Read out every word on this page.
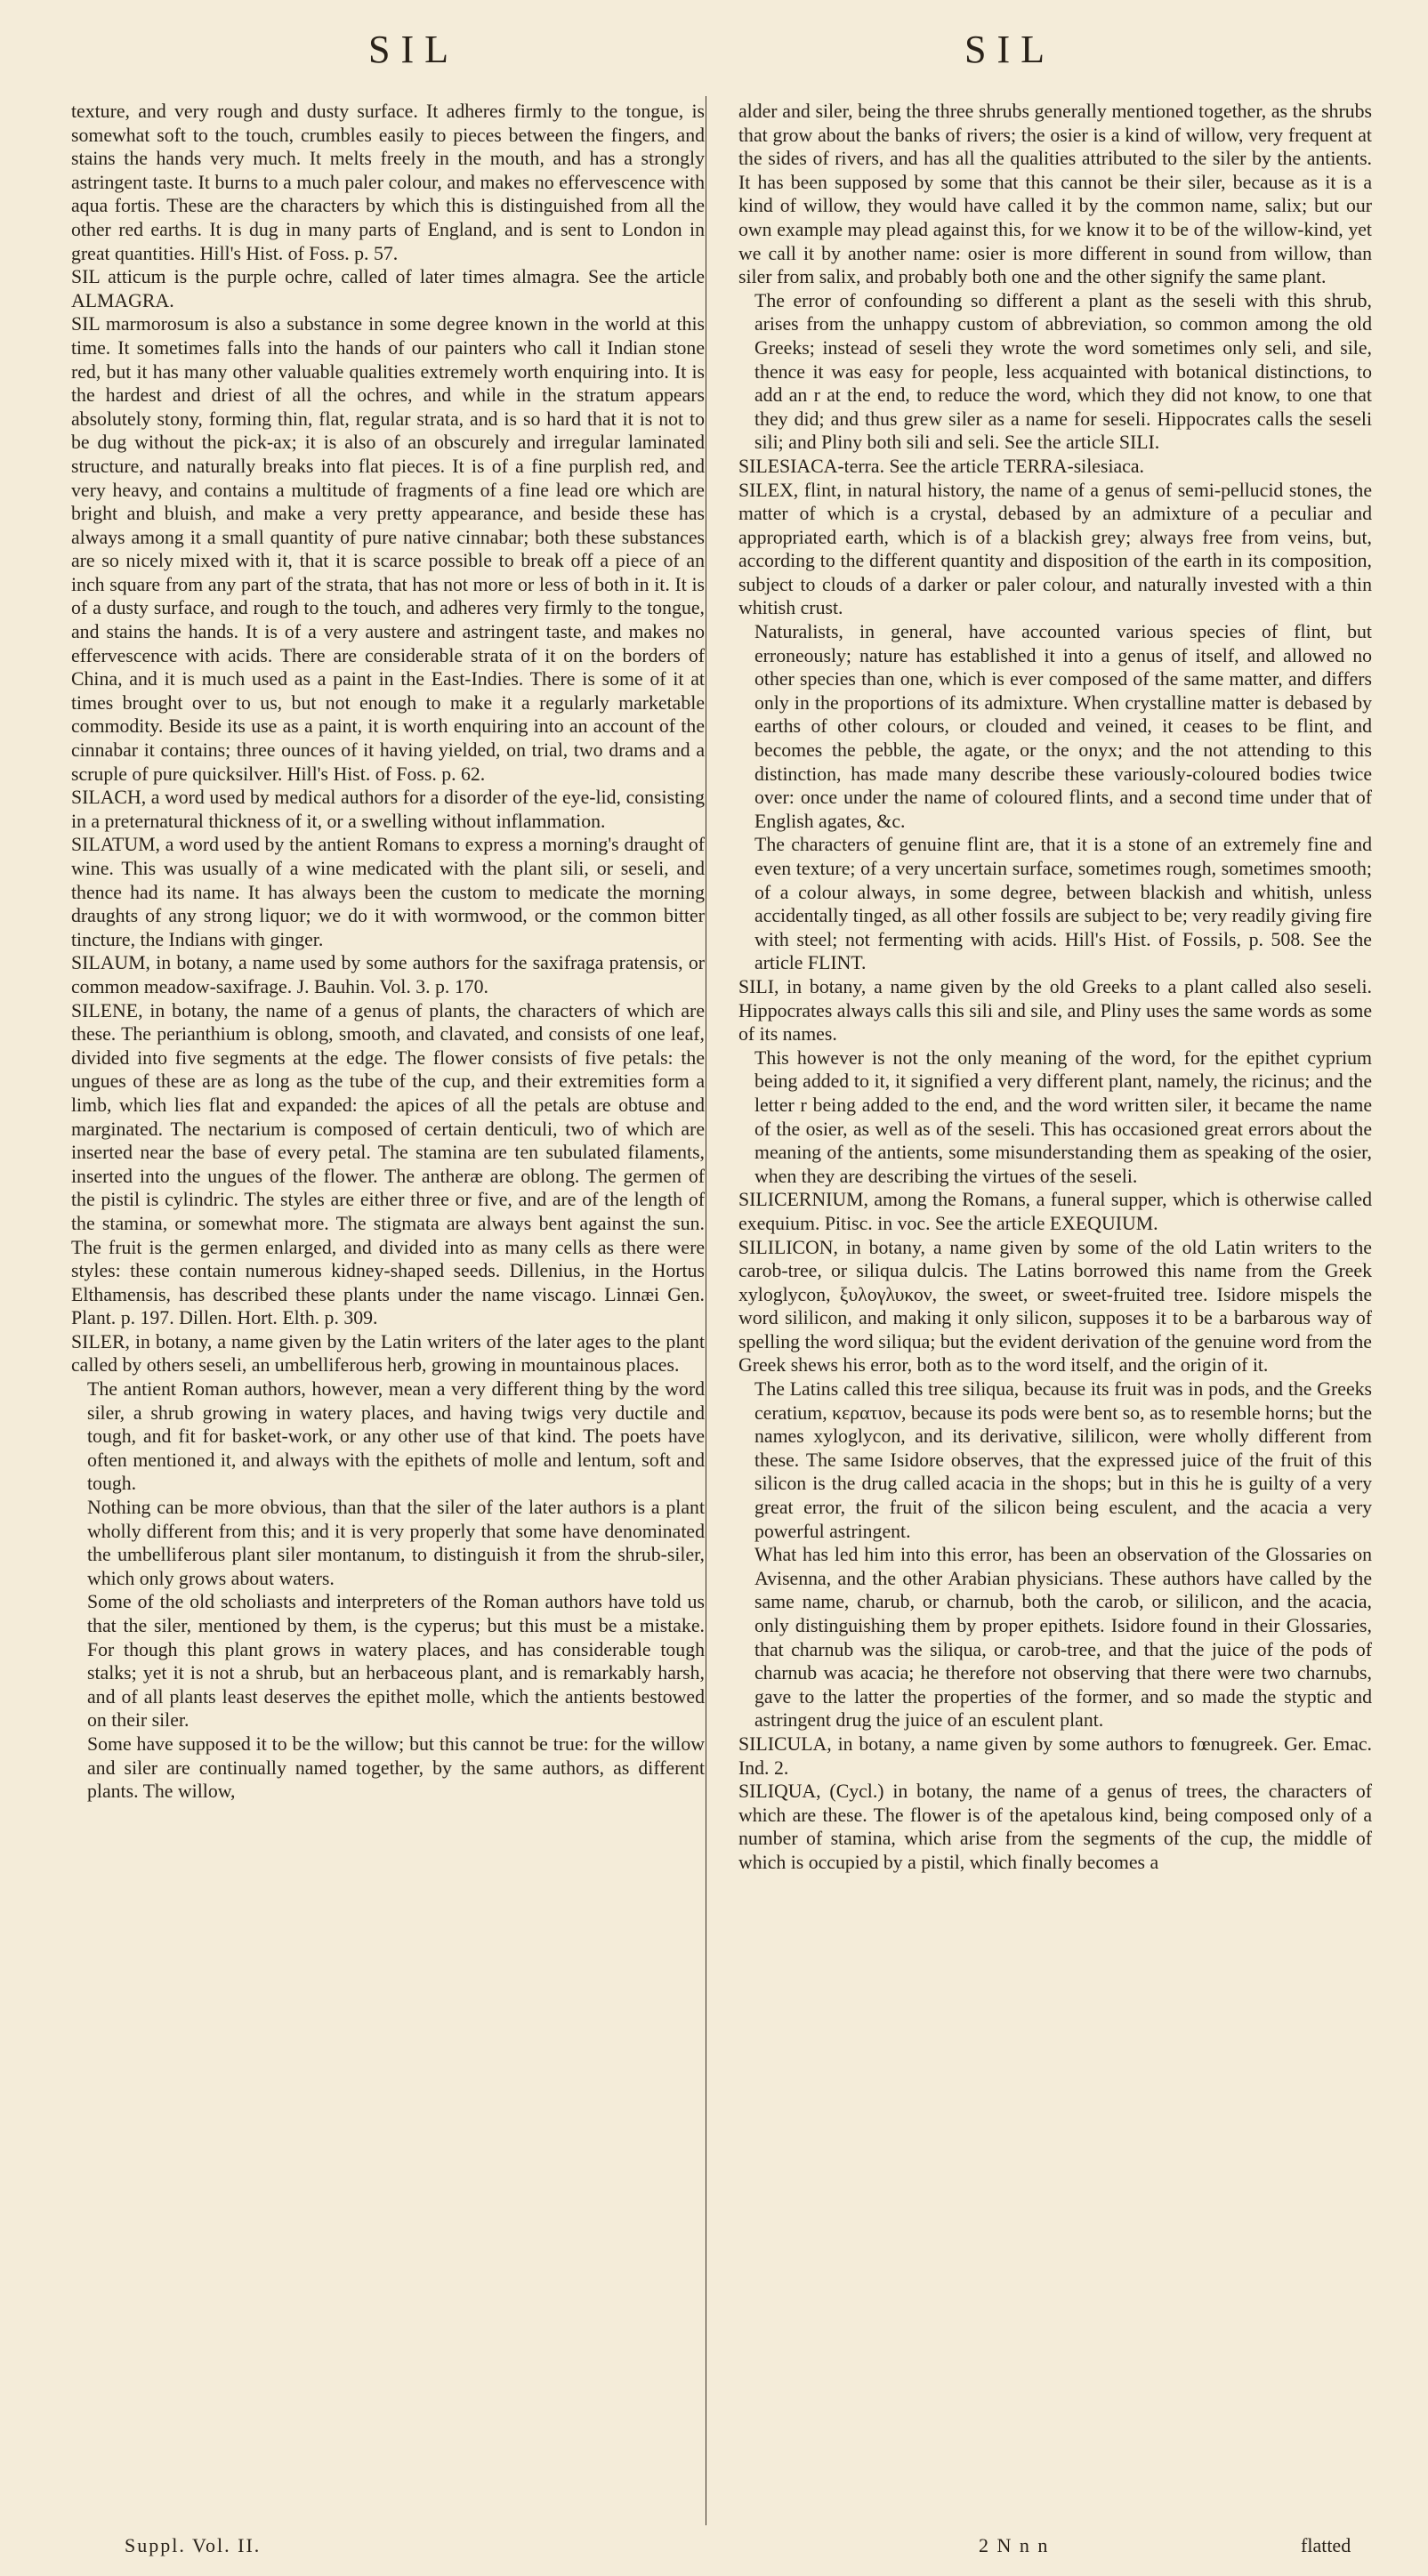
SIL	SIL

texture, and very rough and dusty surface. It adheres firmly to the tongue, is somewhat soft to the touch, crumbles easily to pieces between the fingers, and stains the hands very much. It melts freely in the mouth, and has a strongly astringent taste. It burns to a much paler colour, and makes no effervescence with aqua fortis. These are the characters by which this is distinguished from all the other red earths. It is dug in many parts of England, and is sent to London in great quantities. Hill's Hist. of Foss. p. 57.

SIL atticum is the purple ochre, called of later times almagra. See the article ALMAGRA.

SIL marmorosum is also a substance in some degree known in the world at this time. It sometimes falls into the hands of our painters who call it Indian stone red, but it has many other valuable qualities extremely worth enquiring into. It is the hardest and driest of all the ochres, and while in the stratum appears absolutely stony, forming thin, flat, regular strata, and is so hard that it is not to be dug without the pick-ax; it is also of an obscurely and irregular laminated structure, and naturally breaks into flat pieces. It is of a fine purplish red, and very heavy, and contains a multitude of fragments of a fine lead ore which are bright and bluish, and make a very pretty appearance, and beside these has always among it a small quantity of pure native cinnabar; both these substances are so nicely mixed with it, that it is scarce possible to break off a piece of an inch square from any part of the strata, that has not more or less of both in it. It is of a dusty surface, and rough to the touch, and adheres very firmly to the tongue, and stains the hands. It is of a very austere and astringent taste, and makes no effervescence with acids. There are considerable strata of it on the borders of China, and it is much used as a paint in the East-Indies. There is some of it at times brought over to us, but not enough to make it a regularly marketable commodity. Beside its use as a paint, it is worth enquiring into an account of the cinnabar it contains; three ounces of it having yielded, on trial, two drams and a scruple of pure quicksilver. Hill's Hist. of Foss. p. 62.

SILACH, a word used by medical authors for a disorder of the eye-lid, consisting in a preternatural thickness of it, or a swelling without inflammation.

SILATUM, a word used by the antient Romans to express a morning's draught of wine. This was usually of a wine medicated with the plant sili, or seseli, and thence had its name. It has always been the custom to medicate the morning draughts of any strong liquor; we do it with wormwood, or the common bitter tincture, the Indians with ginger.

SILAUM, in botany, a name used by some authors for the saxifraga pratensis, or common meadow-saxifrage. J. Bauhin. Vol. 3. p. 170.

SILENE, in botany, the name of a genus of plants, the characters of which are these. The perianthium is oblong, smooth, and clavated, and consists of one leaf, divided into five segments at the edge. The flower consists of five petals: the ungues of these are as long as the tube of the cup, and their extremities form a limb, which lies flat and expanded: the apices of all the petals are obtuse and marginated. The nectarium is composed of certain denticuli, two of which are inserted near the base of every petal. The stamina are ten subulated filaments, inserted into the ungues of the flower. The antheræ are oblong. The germen of the pistil is cylindric. The styles are either three or five, and are of the length of the stamina, or somewhat more. The stigmata are always bent against the sun. The fruit is the germen enlarged, and divided into as many cells as there were styles: these contain numerous kidney-shaped seeds. Dillenius, in the Hortus Elthamensis, has described these plants under the name viscago. Linnæi Gen. Plant. p. 197. Dillen. Hort. Elth. p. 309.

SILER, in botany, a name given by the Latin writers of the later ages to the plant called by others seseli, an umbelliferous herb, growing in mountainous places.

The antient Roman authors, however, mean a very different thing by the word siler, a shrub growing in watery places, and having twigs very ductile and tough, and fit for basket-work, or any other use of that kind. The poets have often mentioned it, and always with the epithets of molle and lentum, soft and tough.

Nothing can be more obvious, than that the siler of the later authors is a plant wholly different from this; and it is very properly that some have denominated the umbelliferous plant siler montanum, to distinguish it from the shrub-siler, which only grows about waters.

Some of the old scholiasts and interpreters of the Roman authors have told us that the siler, mentioned by them, is the cyperus; but this must be a mistake. For though this plant grows in watery places, and has considerable tough stalks; yet it is not a shrub, but an herbaceous plant, and is remarkably harsh, and of all plants least deserves the epithet molle, which the antients bestowed on their siler.

Some have supposed it to be the willow; but this cannot be true: for the willow and siler are continually named together, by the same authors, as different plants. The willow,

alder and siler, being the three shrubs generally mentioned together, as the shrubs that grow about the banks of rivers; the osier is a kind of willow, very frequent at the sides of rivers, and has all the qualities attributed to the siler by the antients. It has been supposed by some that this cannot be their siler, because as it is a kind of willow, they would have called it by the common name, salix; but our own example may plead against this, for we know it to be of the willow-kind, yet we call it by another name: osier is more different in sound from willow, than siler from salix, and probably both one and the other signify the same plant.

The error of confounding so different a plant as the seseli with this shrub, arises from the unhappy custom of abbreviation, so common among the old Greeks; instead of seseli they wrote the word sometimes only seli, and sile, thence it was easy for people, less acquainted with botanical distinctions, to add an r at the end, to reduce the word, which they did not know, to one that they did; and thus grew siler as a name for seseli. Hippocrates calls the seseli sili; and Pliny both sili and seli. See the article SILI.

SILESIACA-terra. See the article TERRA-silesiaca.

SILEX, flint, in natural history, the name of a genus of semi-pellucid stones, the matter of which is a crystal, debased by an admixture of a peculiar and appropriated earth, which is of a blackish grey; always free from veins, but, according to the different quantity and disposition of the earth in its composition, subject to clouds of a darker or paler colour, and naturally invested with a thin whitish crust.

Naturalists, in general, have accounted various species of flint, but erroneously; nature has established it into a genus of itself, and allowed no other species than one, which is ever composed of the same matter, and differs only in the proportions of its admixture. When crystalline matter is debased by earths of other colours, or clouded and veined, it ceases to be flint, and becomes the pebble, the agate, or the onyx; and the not attending to this distinction, has made many describe these variously-coloured bodies twice over: once under the name of coloured flints, and a second time under that of English agates, &c.

The characters of genuine flint are, that it is a stone of an extremely fine and even texture; of a very uncertain surface, sometimes rough, sometimes smooth; of a colour always, in some degree, between blackish and whitish, unless accidentally tinged, as all other fossils are subject to be; very readily giving fire with steel; not fermenting with acids. Hill's Hist. of Fossils, p. 508. See the article FLINT.

SILI, in botany, a name given by the old Greeks to a plant called also seseli. Hippocrates always calls this sili and sile, and Pliny uses the same words as some of its names.

This however is not the only meaning of the word, for the epithet cyprium being added to it, it signified a very different plant, namely, the ricinus; and the letter r being added to the end, and the word written siler, it became the name of the osier, as well as of the seseli. This has occasioned great errors about the meaning of the antients, some misunderstanding them as speaking of the osier, when they are describing the virtues of the seseli.

SILICERNIUM, among the Romans, a funeral supper, which is otherwise called exequium. Pitisc. in voc. See the article EXEQUIUM.

SILILICON, in botany, a name given by some of the old Latin writers to the carob-tree, or siliqua dulcis. The Latins borrowed this name from the Greek xyloglycon, ξυλογλυκον, the sweet, or sweet-fruited tree. Isidore mispels the word sililicon, and making it only silicon, supposes it to be a barbarous way of spelling the word siliqua; but the evident derivation of the genuine word from the Greek shews his error, both as to the word itself, and the origin of it.

The Latins called this tree siliqua, because its fruit was in pods, and the Greeks ceratium, κερατιον, because its pods were bent so, as to resemble horns; but the names xyloglycon, and its derivative, sililicon, were wholly different from these. The same Isidore observes, that the expressed juice of the fruit of this silicon is the drug called acacia in the shops; but in this he is guilty of a very great error, the fruit of the silicon being esculent, and the acacia a very powerful astringent.

What has led him into this error, has been an observation of the Glossaries on Avisenna, and the other Arabian physicians. These authors have called by the same name, charub, or charnub, both the carob, or sililicon, and the acacia, only distinguishing them by proper epithets. Isidore found in their Glossaries, that charnub was the siliqua, or carob-tree, and that the juice of the pods of charnub was acacia; he therefore not observing that there were two charnubs, gave to the latter the properties of the former, and so made the styptic and astringent drug the juice of an esculent plant.

SILICULA, in botany, a name given by some authors to fœnugreek. Ger. Emac. Ind. 2.

SILIQUA, (Cycl.) in botany, the name of a genus of trees, the characters of which are these. The flower is of the apetalous kind, being composed only of a number of stamina, which arise from the segments of the cup, the middle of which is occupied by a pistil, which finally becomes a

Suppl. Vol. II.	2 N n n	flatted
